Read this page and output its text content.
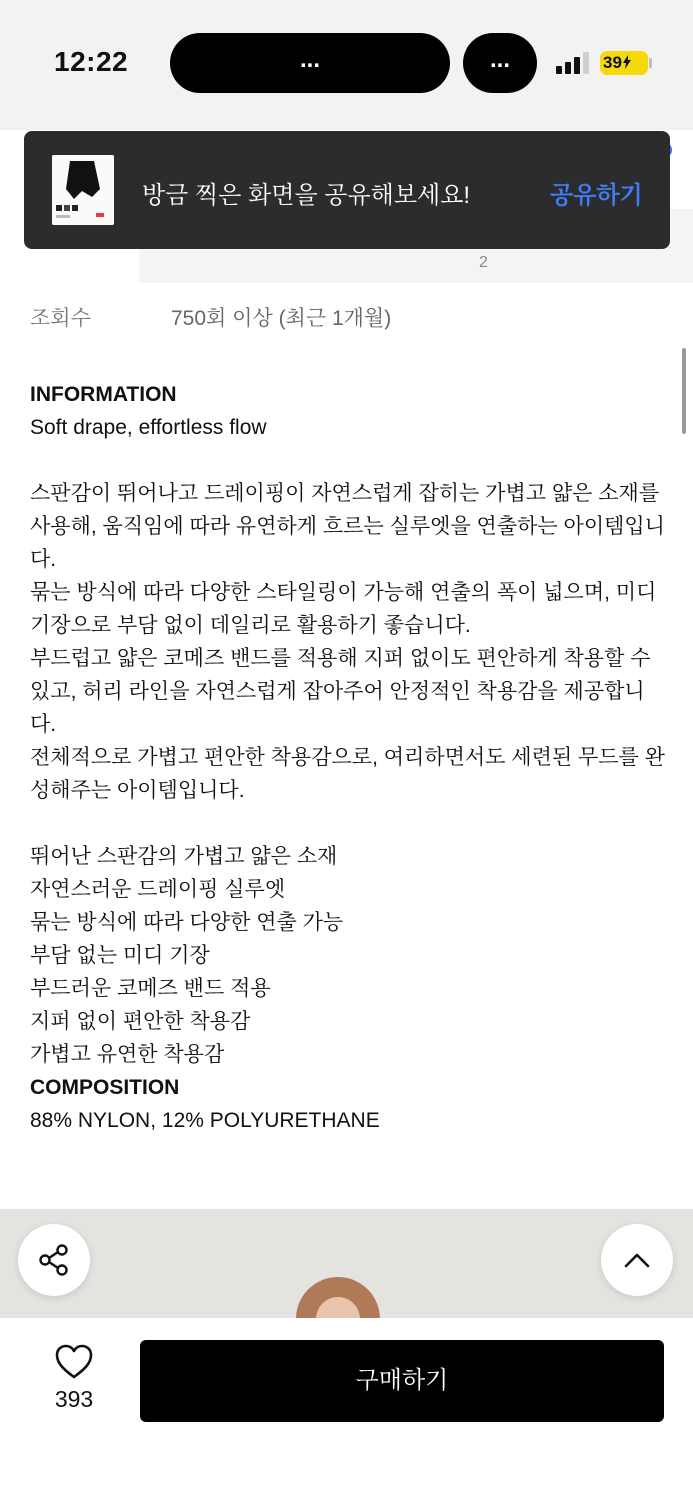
12:22	...	...	39
2
방금 찍은 화면을 공유해보세요!	공유하기
조회수	750회 이상 (최근 1개월)
INFORMATION
Soft drape, effortless flow
스판감이 뛰어나고 드레이핑이 자연스럽게 잡히는 가볍고 얇은 소재를 사용해, 움직임에 따라 유연하게 흐르는 실루엣을 연출하는 아이템입니다.
묶는 방식에 따라 다양한 스타일링이 가능해 연출의 폭이 넓으며, 미디 기장으로 부담 없이 데일리로 활용하기 좋습니다.
부드럽고 얇은 코메즈 밴드를 적용해 지퍼 없이도 편안하게 착용할 수 있고, 허리 라인을 자연스럽게 잡아주어 안정적인 착용감을 제공합니다.
전체적으로 가볍고 편안한 착용감으로, 여리하면서도 세련된 무드를 완성해주는 아이템입니다.
뛰어난 스판감의 가볍고 얇은 소재
자연스러운 드레이핑 실루엣
묶는 방식에 따라 다양한 연출 가능
부담 없는 미디 기장
부드러운 코메즈 밴드 적용
지퍼 없이 편안한 착용감
가볍고 유연한 착용감
COMPOSITION
88% NYLON, 12% POLYURETHANE
393
구매하기
